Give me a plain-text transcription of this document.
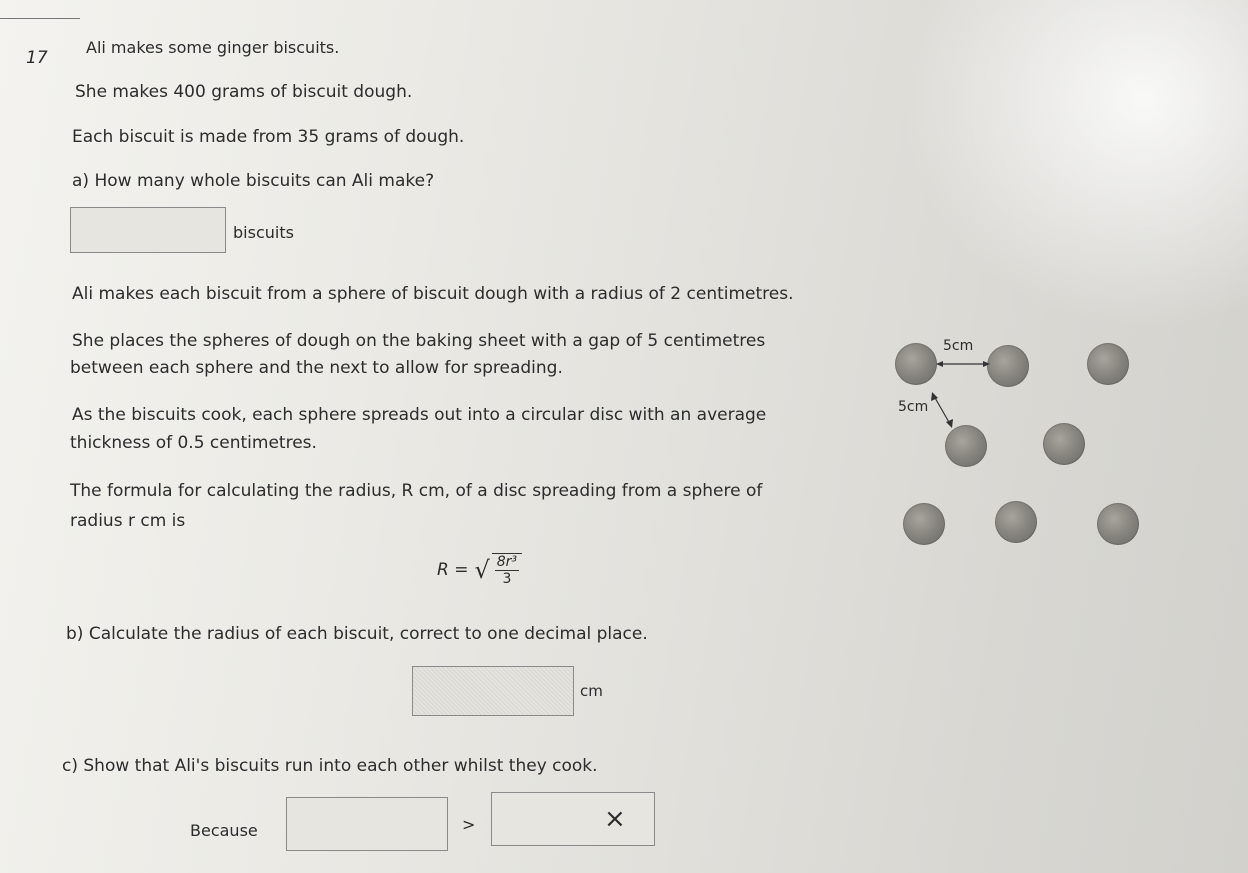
17
Ali makes some ginger biscuits.
She makes 400 grams of biscuit dough.
Each biscuit is made from 35 grams of dough.
a) How many whole biscuits can Ali make?
biscuits
Ali makes each biscuit from a sphere of biscuit dough with a radius of 2 centimetres.
She places the spheres of dough on the baking sheet with a gap of 5 centimetres
between each sphere and the next to allow for spreading.
As the biscuits cook, each sphere spreads out into a circular disc with an average
thickness of 0.5 centimetres.
The formula for calculating the radius, R cm, of a disc spreading from a sphere of
radius r cm is
R = √ $\frac{\text{8r³}}{3}$
b) Calculate the radius of each biscuit, correct to one decimal place.
cm
c) Show that Ali's biscuits run into each other whilst they cook.
Because	>	×
5cm
5cm
